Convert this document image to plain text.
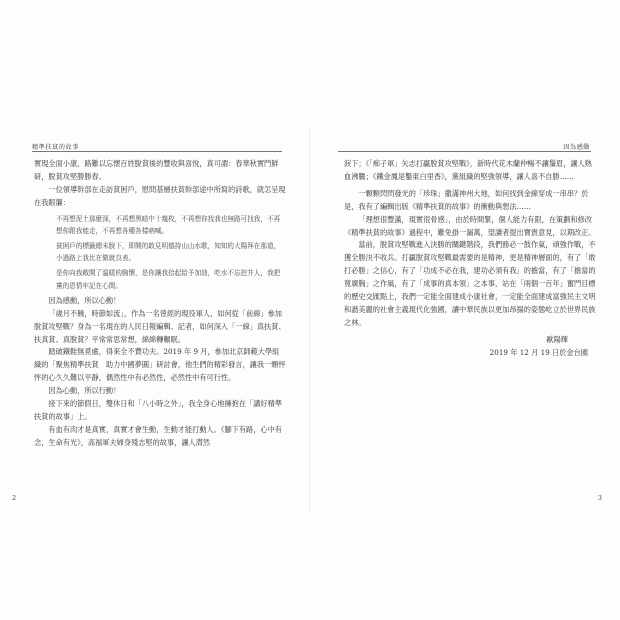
精準扶貧的故事

實現全面小康，路難以忘懷百姓脫貧後的豐收與喜悅，真可謂：春華秋實鬥鮮研，脫貧攻堅勝勝春。

一位領導幹部在走訪貧困戶，慰問基層扶貧幹部途中所寫的詩歌，就怎呈現在我眼簾：

不再想泥土那麼深，不再想黑暗中十幾枚，不再想你找我也無路可找我，不再想你跟我能走，不再想各種各樣吶喊。

貧困戶的標籤總未脫下，即開的敢見明德持山山水歌，知知的大陽拜在那道，小過路上我比在做就良表。

是你向我敞開了溫暖的胸懷，是你讓我拾起給予加油，吃水不忘挖井人，我把黨的恩情牢記在心間。

因為感動，所以心動！

「歲月不饒，時節如流」，作為一名曾經的現役軍人，如何從「前線」參加脫貧攻堅戰？身為一名現在的人民日報編輯、記者，如何深入「一線」真扶貧、扶真貧、真脫貧？平常常思常想，綿綿轉輾眠。

踏破鐵鞋無覓處，得來全不費功夫。2019 年 9 月，參加北京師範大學組織的「聚焦精準扶貧　助力中國夢圓」研討會，他生們的精彩發言，讓我一顆怦怦的心久久難以平靜，偶然性中有必然性，必然性中有可行性。

因為心動，所以行動！

接下來的節假日，雙休日和「八小時之外」，我全身心地擁抱在「講好精準扶貧的故事」上。

有血有肉才是真實，真實才會生動，生動才能打動人。《腳下有路，心中有念，生命有光》，高福軍夫婦身殘志堅的故事，讓人潸然

2
因為感動

淚下；《「痴子軍」矢志打贏脫貧攻堅戰》，新時代花木蘭仲暢不讓鬚眉，讓人熱血沸騰；《鐵金鳳是鑿東白里香》，黨組織的堅強領導，讓人喜不自勝……

一顆顆閃閃發光的「珍珠」撒滿神州大地，如何找到金線穿成一串串？於是，我有了編輯出版《精準扶貧的故事》的衝動與想法……

「理想很豐滿，現實很骨感」，由於時間緊，個人能力有限，在策劃和修改《精準扶貧的故事》過程中，難免掛一漏萬，望讀者提出寶貴意見，以期改正。

當前，脫貧攻堅戰進入決勝的關鍵階段，我們務必一鼓作氣，頑強作戰，不獲全勝決不收兵。打贏脫貧攻堅戰最需要的是精神，更是精神層面的，有了「敢打必勝」之信心，有了「功成不必在我，建功必須有我」的擔當，有了「擔當的寬廣胸」之作風，有了「成事的真本領」之本事，站在「兩個一百年」奮鬥目標的歷史交匯點上，我們一定能全面建成小康社會，一定能全面建成富強民主文明和諧美麗的社會主義現代化強國，讓中華民族以更加昂揚的姿態屹立於世界民族之林。

歐陽輝

2019 年 12 月 19 日於金台園

3
